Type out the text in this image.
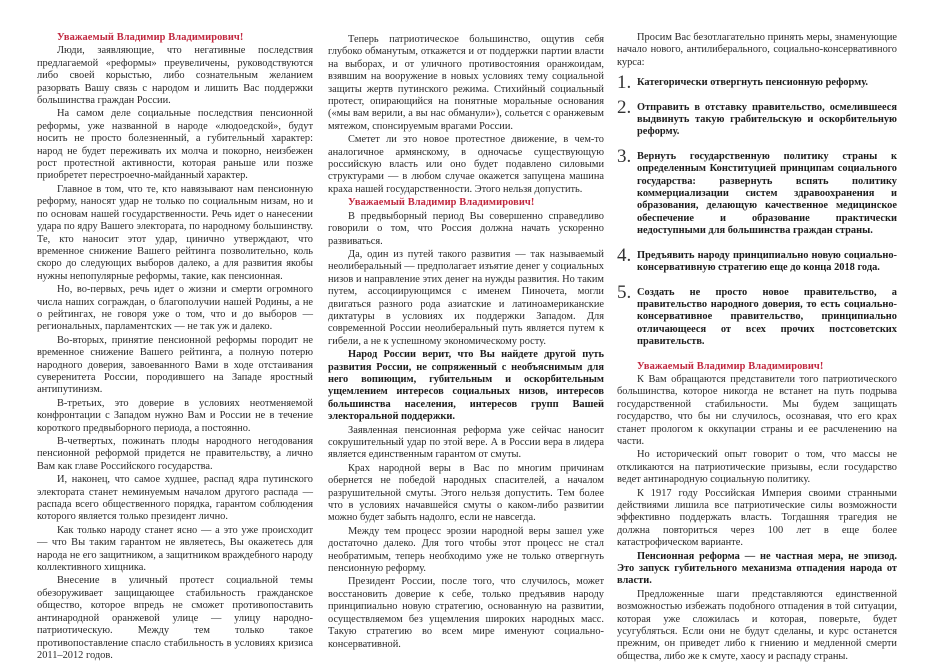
Уважаемый Владимир Владимирович!

Люди, заявляющие, что негативные последствия предлагаемой «реформы» преувеличены, руководствуются либо своей корыстью, либо сознательным желанием разорвать Вашу связь с народом и лишить Вас поддержки большинства граждан России.

На самом деле социальные последствия пенсионной реформы, уже названной в народе «людоедской», будут носить не просто болезненный, а губительный характер: народ не будет переживать их молча и покорно, неизбежен рост протестной активности, которая раньше или позже приобретет перестроечно-майданный характер.

Главное в том, что те, кто навязывают нам пенсионную реформу, наносят удар не только по социальным низам, но и по основам нашей государственности. Речь идет о нанесении удара по ядру Вашего электората, по народному большинству. Те, кто наносит этот удар, цинично утверждают, что временное снижение Вашего рейтинга позволительно, коль скоро до следующих выборов далеко, а для развития якобы нужны непопулярные реформы, такие, как пенсионная.

Но, во-первых, речь идет о жизни и смерти огромного числа наших сограждан, о благополучии нашей Родины, а не о рейтингах, не говоря уже о том, что и до выборов — региональных, парламентских — не так уж и далеко.

Во-вторых, принятие пенсионной реформы породит не временное снижение Вашего рейтинга, а полную потерю народного доверия, завоеванного Вами в ходе отстаивания суверенитета России, породившего на Западе яростный антипутинизм.

В-третьих, это доверие в условиях неотменяемой конфронтации с Западом нужно Вам и России не в течение короткого предвыборного периода, а постоянно.

В-четвертых, пожинать плоды народного негодования пенсионной реформой придется не правительству, а лично Вам как главе Российского государства.

И, наконец, что самое худшее, распад ядра путинского электората станет неминуемым началом другого распада — распада всего общественного порядка, гарантом соблюдения которого является только президент лично.

Как только народу станет ясно — а это уже происходит — что Вы таким гарантом не являетесь, Вы окажетесь для народа не его защитником, а защитником враждебного народу коллективного хищника.

Внесение в уличный протест социальной темы обезоруживает защищающее стабильность гражданское общество, которое впредь не сможет противопоставить антинародной оранжевой улице — улицу народно-патриотическую. Между тем только такое противопоставление спасло стабильность в условиях кризиса 2011–2012 годов.

Теперь патриотическое большинство, ощутив себя глубоко обманутым, откажется и от поддержки партии власти на выборах, и от уличного противостояния оранжоидам, взявшим на вооружение в новых условиях тему социальной защиты жертв путинского режима. Стихийный социальный протест, опирающийся на понятные моральные основания («мы вам верили, а вы нас обманули»), сольется с оранжевым мятежом, спонсируемым врагами России.

Сметет ли это новое протестное движение, в чем-то аналогичное армянскому, в одночасье существующую российскую власть или оно будет подавлено силовыми структурами — в любом случае окажется запущена машина краха нашей государственности. Этого нельзя допустить.

Уважаемый Владимир Владимирович!

В предвыборный период Вы совершенно справедливо говорили о том, что Россия должна начать ускоренно развиваться.

Да, один из путей такого развития — так называемый неолиберальный — предполагает изъятие денег у социальных низов и направление этих денег на нужды развития. Но таким путем, ассоциирующимся с именем Пиночета, могли двигаться разного рода азиатские и латиноамериканские диктатуры в условиях их поддержки Западом. Для современной России неолиберальный путь является путем к гибели, а не к успешному экономическому росту.

Народ России верит, что Вы найдете другой путь развития России, не сопряженный с необъяснимым для него вопиющим, губительным и оскорбительным ущемлением интересов социальных низов, интересов большинства населения, интересов групп Вашей электоральной поддержки.

Заявленная пенсионная реформа уже сейчас наносит сокрушительный удар по этой вере. А в России вера в лидера является единственным гарантом от смуты.

Крах народной веры в Вас по многим причинам обернется не победой народных спасителей, а началом разрушительной смуты. Этого нельзя допустить. Тем более что в условиях начавшейся смуты о каком-либо развитии можно будет забыть надолго, если не навсегда.

Между тем процесс эрозии народной веры зашел уже достаточно далеко. Для того чтобы этот процесс не стал необратимым, теперь необходимо уже не только отвергнуть пенсионную реформу.

Президент России, после того, что случилось, может восстановить доверие к себе, только предъявив народу принципиально новую стратегию, основанную на развитии, осуществляемом без ущемления широких народных масс. Такую стратегию во всем мире именуют социально-консервативной.

Просим Вас безотлагательно принять меры, знаменующие начало нового, антилиберального, социально-консервативного курса:

1. Категорически отвергнуть пенсионную реформу.
2. Отправить в отставку правительство, осмелившееся выдвинуть такую грабительскую и оскорбительную реформу.
3. Вернуть государственную политику страны к определенным Конституцией принципам социального государства: развернуть вспять политику коммерциализации систем здравоохранения и образования, делающую качественное медицинское обеспечение и образование практически недоступными для большинства граждан страны.
4. Предъявить народу принципиально новую социально-консервативную стратегию еще до конца 2018 года.
5. Создать не просто новое правительство, а правительство народного доверия, то есть социально-консервативное правительство, принципиально отличающееся от всех прочих постсоветских правительств.

Уважаемый Владимир Владимирович!

К Вам обращаются представители того патриотического большинства, которое никогда не встанет на путь подрыва государственной стабильности. Мы будем защищать государство, что бы ни случилось, осознавая, что его крах станет прологом к оккупации страны и ее расчленению на части.

Но исторический опыт говорит о том, что массы не откликаются на патриотические призывы, если государство ведет антинародную социальную политику.

К 1917 году Российская Империя своими странными действиями лишила все патриотические силы возможности эффективно поддержать власть. Тогдашняя трагедия не должна повториться через 100 лет в еще более катастрофическом варианте.

Пенсионная реформа — не частная мера, не эпизод. Это запуск губительного механизма отпадения народа от власти.

Предложенные шаги представляются единственной возможностью избежать подобного отпадения в той ситуации, которая уже сложилась и которая, поверьте, будет усугубляться. Если они не будут сделаны, и курс останется прежним, он приведет либо к гниению и медленной смерти общества, либо же к смуте, хаосу и распаду страны.
